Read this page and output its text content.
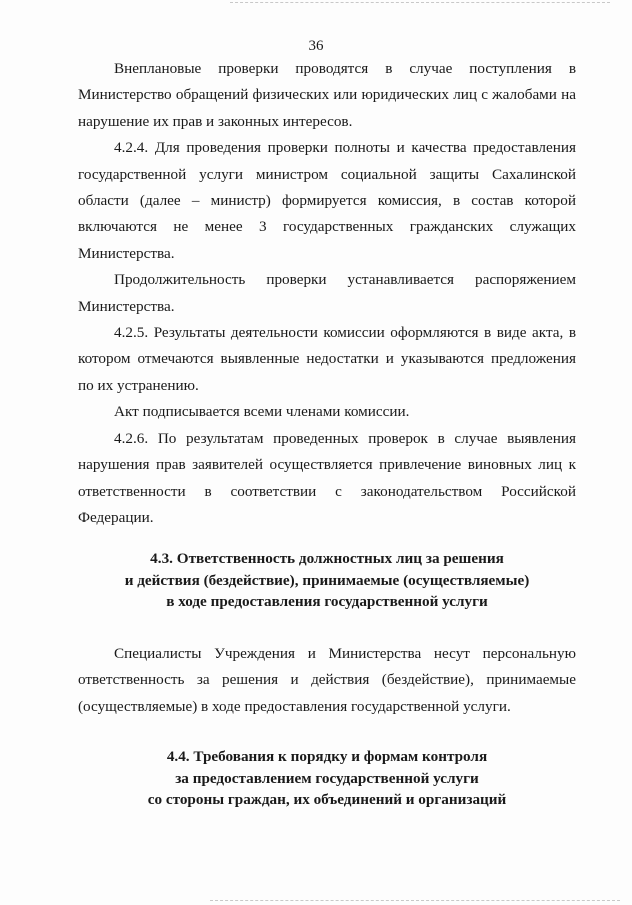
36

Внеплановые проверки проводятся в случае поступления в Министерство обращений физических или юридических лиц с жалобами на нарушение их прав и законных интересов.

4.2.4. Для проведения проверки полноты и качества предоставления государственной услуги министром социальной защиты Сахалинской области (далее – министр) формируется комиссия, в состав которой включаются не менее 3 государственных гражданских служащих Министерства.

Продолжительность проверки устанавливается распоряжением Министерства.

4.2.5. Результаты деятельности комиссии оформляются в виде акта, в котором отмечаются выявленные недостатки и указываются предложения по их устранению.

Акт подписывается всеми членами комиссии.

4.2.6. По результатам проведенных проверок в случае выявления нарушения прав заявителей осуществляется привлечение виновных лиц к ответственности в соответствии с законодательством Российской Федерации.

4.3. Ответственность должностных лиц за решения
и действия (бездействие), принимаемые (осуществляемые)
в ходе предоставления государственной услуги

Специалисты Учреждения и Министерства несут персональную ответственность за решения и действия (бездействие), принимаемые (осуществляемые) в ходе предоставления государственной услуги.

4.4. Требования к порядку и формам контроля
за предоставлением государственной услуги
со стороны граждан, их объединений и организаций
